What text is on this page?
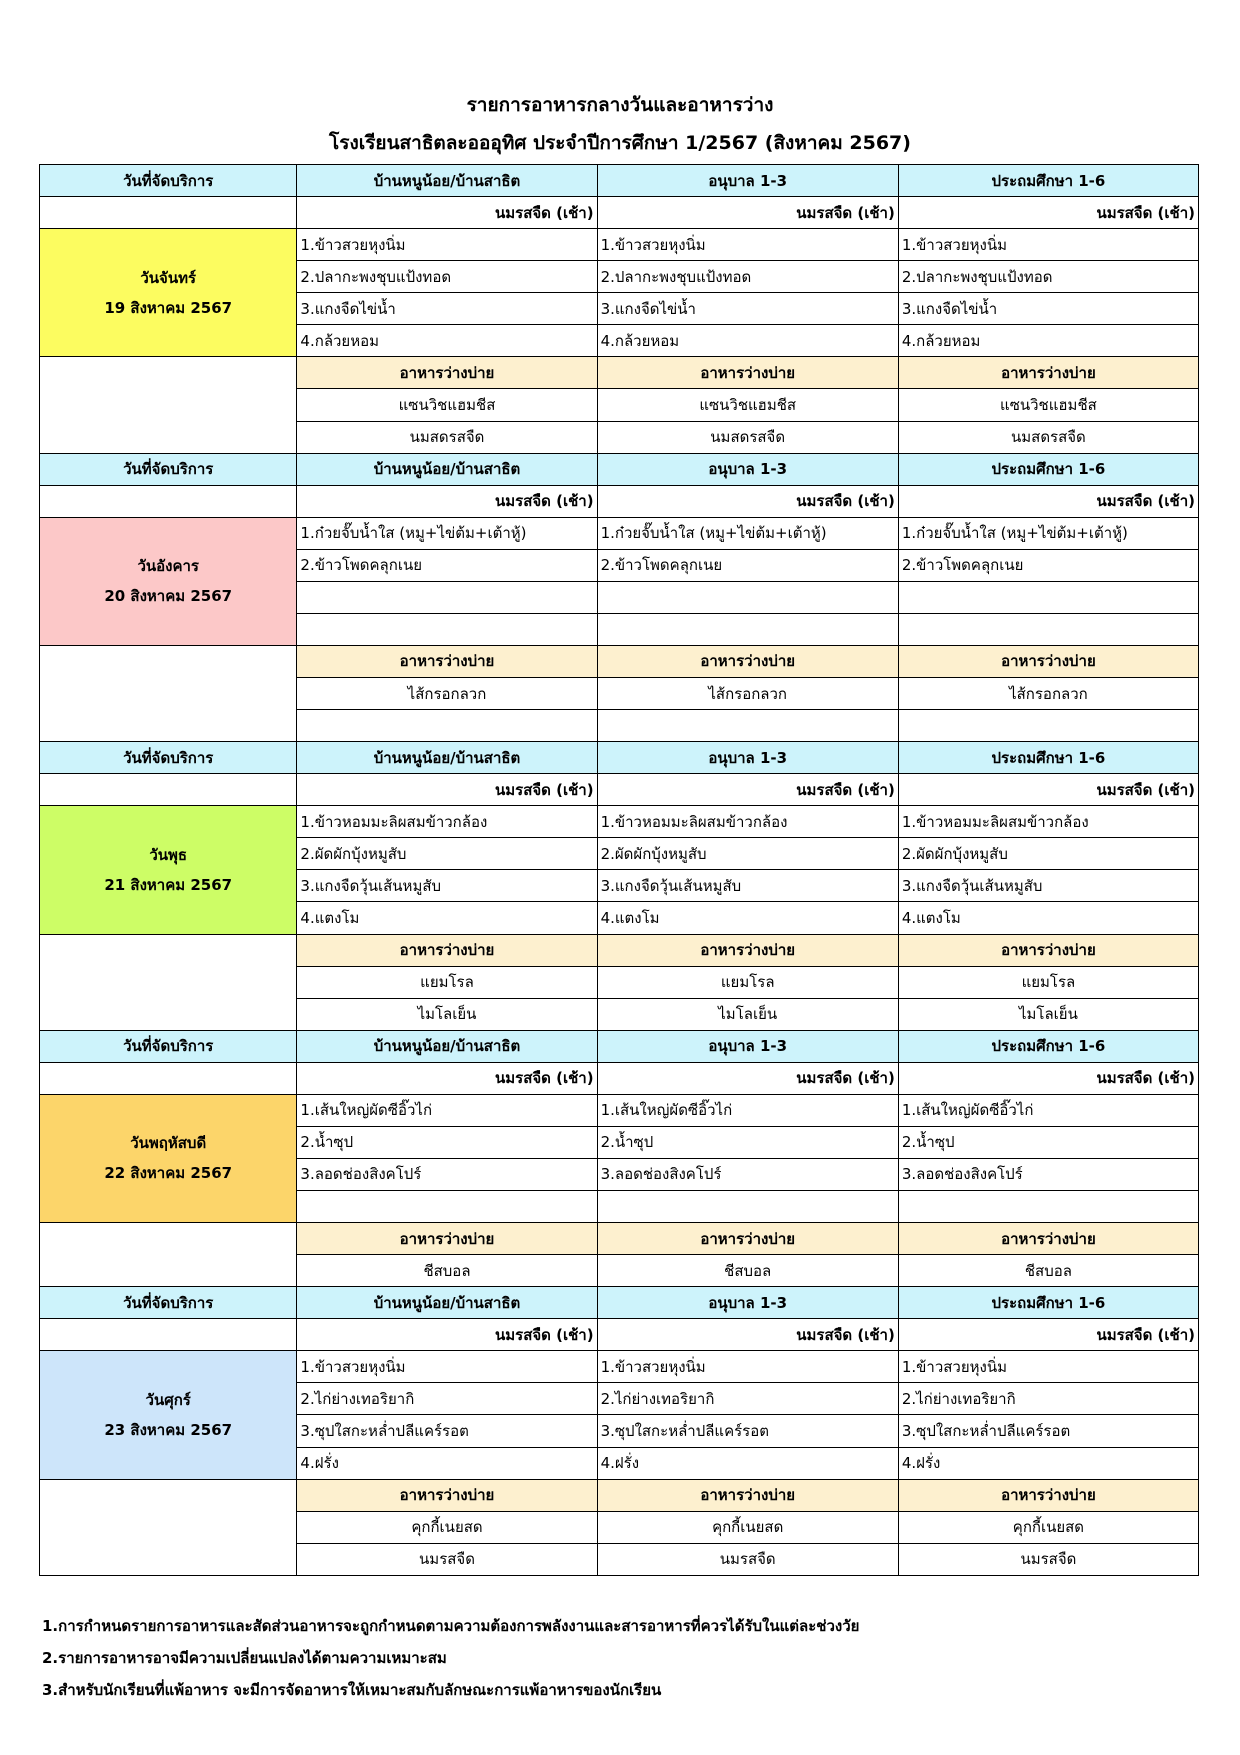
รายการอาหารกลางวันและอาหารว่าง
โรงเรียนสาธิตละอออุทิศ ประจำปีการศึกษา 1/2567 (สิงหาคม 2567)
วันที่จัดบริการ	บ้านหนูน้อย/บ้านสาธิต	อนุบาล 1-3	ประถมศึกษา 1-6
	นมรสจืด (เช้า)	นมรสจืด (เช้า)	นมรสจืด (เช้า)

วันจันทร์
19 สิงหาคม 2567	1.ข้าวสวยหุงนิ่ม	1.ข้าวสวยหุงนิ่ม	1.ข้าวสวยหุงนิ่ม
	2.ปลากะพงชุบแป้งทอด	2.ปลากะพงชุบแป้งทอด	2.ปลากะพงชุบแป้งทอด
	3.แกงจืดไข่น้ำ	3.แกงจืดไข่น้ำ	3.แกงจืดไข่น้ำ
	4.กล้วยหอม	4.กล้วยหอม	4.กล้วยหอม
	อาหารว่างบ่าย	อาหารว่างบ่าย	อาหารว่างบ่าย
	แซนวิชแฮมชีส	แซนวิชแฮมชีส	แซนวิชแฮมชีส
	นมสดรสจืด	นมสดรสจืด	นมสดรสจืด
วันที่จัดบริการ	บ้านหนูน้อย/บ้านสาธิต	อนุบาล 1-3	ประถมศึกษา 1-6
	นมรสจืด (เช้า)	นมรสจืด (เช้า)	นมรสจืด (เช้า)

วันอังคาร
20 สิงหาคม 2567	1.ก๋วยจั๊บน้ำใส (หมู+ไข่ต้ม+เต้าหู้)	1.ก๋วยจั๊บน้ำใส (หมู+ไข่ต้ม+เต้าหู้)	1.ก๋วยจั๊บน้ำใส (หมู+ไข่ต้ม+เต้าหู้)
	2.ข้าวโพดคลุกเนย	2.ข้าวโพดคลุกเนย	2.ข้าวโพดคลุกเนย

	อาหารว่างบ่าย	อาหารว่างบ่าย	อาหารว่างบ่าย
	ไส้กรอกลวก	ไส้กรอกลวก	ไส้กรอกลวก

วันที่จัดบริการ	บ้านหนูน้อย/บ้านสาธิต	อนุบาล 1-3	ประถมศึกษา 1-6
	นมรสจืด (เช้า)	นมรสจืด (เช้า)	นมรสจืด (เช้า)

วันพุธ
21 สิงหาคม 2567	1.ข้าวหอมมะลิผสมข้าวกล้อง	1.ข้าวหอมมะลิผสมข้าวกล้อง	1.ข้าวหอมมะลิผสมข้าวกล้อง
	2.ผัดผักบุ้งหมูสับ	2.ผัดผักบุ้งหมูสับ	2.ผัดผักบุ้งหมูสับ
	3.แกงจืดวุ้นเส้นหมูสับ	3.แกงจืดวุ้นเส้นหมูสับ	3.แกงจืดวุ้นเส้นหมูสับ
	4.แตงโม	4.แตงโม	4.แตงโม
	อาหารว่างบ่าย	อาหารว่างบ่าย	อาหารว่างบ่าย
	แยมโรล	แยมโรล	แยมโรล
	ไมโลเย็น	ไมโลเย็น	ไมโลเย็น
วันที่จัดบริการ	บ้านหนูน้อย/บ้านสาธิต	อนุบาล 1-3	ประถมศึกษา 1-6
	นมรสจืด (เช้า)	นมรสจืด (เช้า)	นมรสจืด (เช้า)

วันพฤหัสบดี
22 สิงหาคม 2567	1.เส้นใหญ่ผัดซีอิ๊วไก่	1.เส้นใหญ่ผัดซีอิ๊วไก่	1.เส้นใหญ่ผัดซีอิ๊วไก่
	2.น้ำซุป	2.น้ำซุป	2.น้ำซุป
	3.ลอดช่องสิงคโปร์	3.ลอดช่องสิงคโปร์	3.ลอดช่องสิงคโปร์

	อาหารว่างบ่าย	อาหารว่างบ่าย	อาหารว่างบ่าย
	ชีสบอล	ชีสบอล	ชีสบอล
วันที่จัดบริการ	บ้านหนูน้อย/บ้านสาธิต	อนุบาล 1-3	ประถมศึกษา 1-6
	นมรสจืด (เช้า)	นมรสจืด (เช้า)	นมรสจืด (เช้า)

วันศุกร์
23 สิงหาคม 2567	1.ข้าวสวยหุงนิ่ม	1.ข้าวสวยหุงนิ่ม	1.ข้าวสวยหุงนิ่ม
	2.ไก่ย่างเทอริยากิ	2.ไก่ย่างเทอริยากิ	2.ไก่ย่างเทอริยากิ
	3.ซุปใสกะหล่ำปลีแคร์รอต	3.ซุปใสกะหล่ำปลีแคร์รอต	3.ซุปใสกะหล่ำปลีแคร์รอต
	4.ฝรั่ง	4.ฝรั่ง	4.ฝรั่ง
	อาหารว่างบ่าย	อาหารว่างบ่าย	อาหารว่างบ่าย
	คุกกี้เนยสด	คุกกี้เนยสด	คุกกี้เนยสด
	นมรสจืด	นมรสจืด	นมรสจืด
1.การกำหนดรายการอาหารและสัดส่วนอาหารจะถูกกำหนดตามความต้องการพลังงานและสารอาหารที่ควรได้รับในแต่ละช่วงวัย
2.รายการอาหารอาจมีความเปลี่ยนแปลงได้ตามความเหมาะสม
3.สำหรับนักเรียนที่แพ้อาหาร จะมีการจัดอาหารให้เหมาะสมกับลักษณะการแพ้อาหารของนักเรียน
